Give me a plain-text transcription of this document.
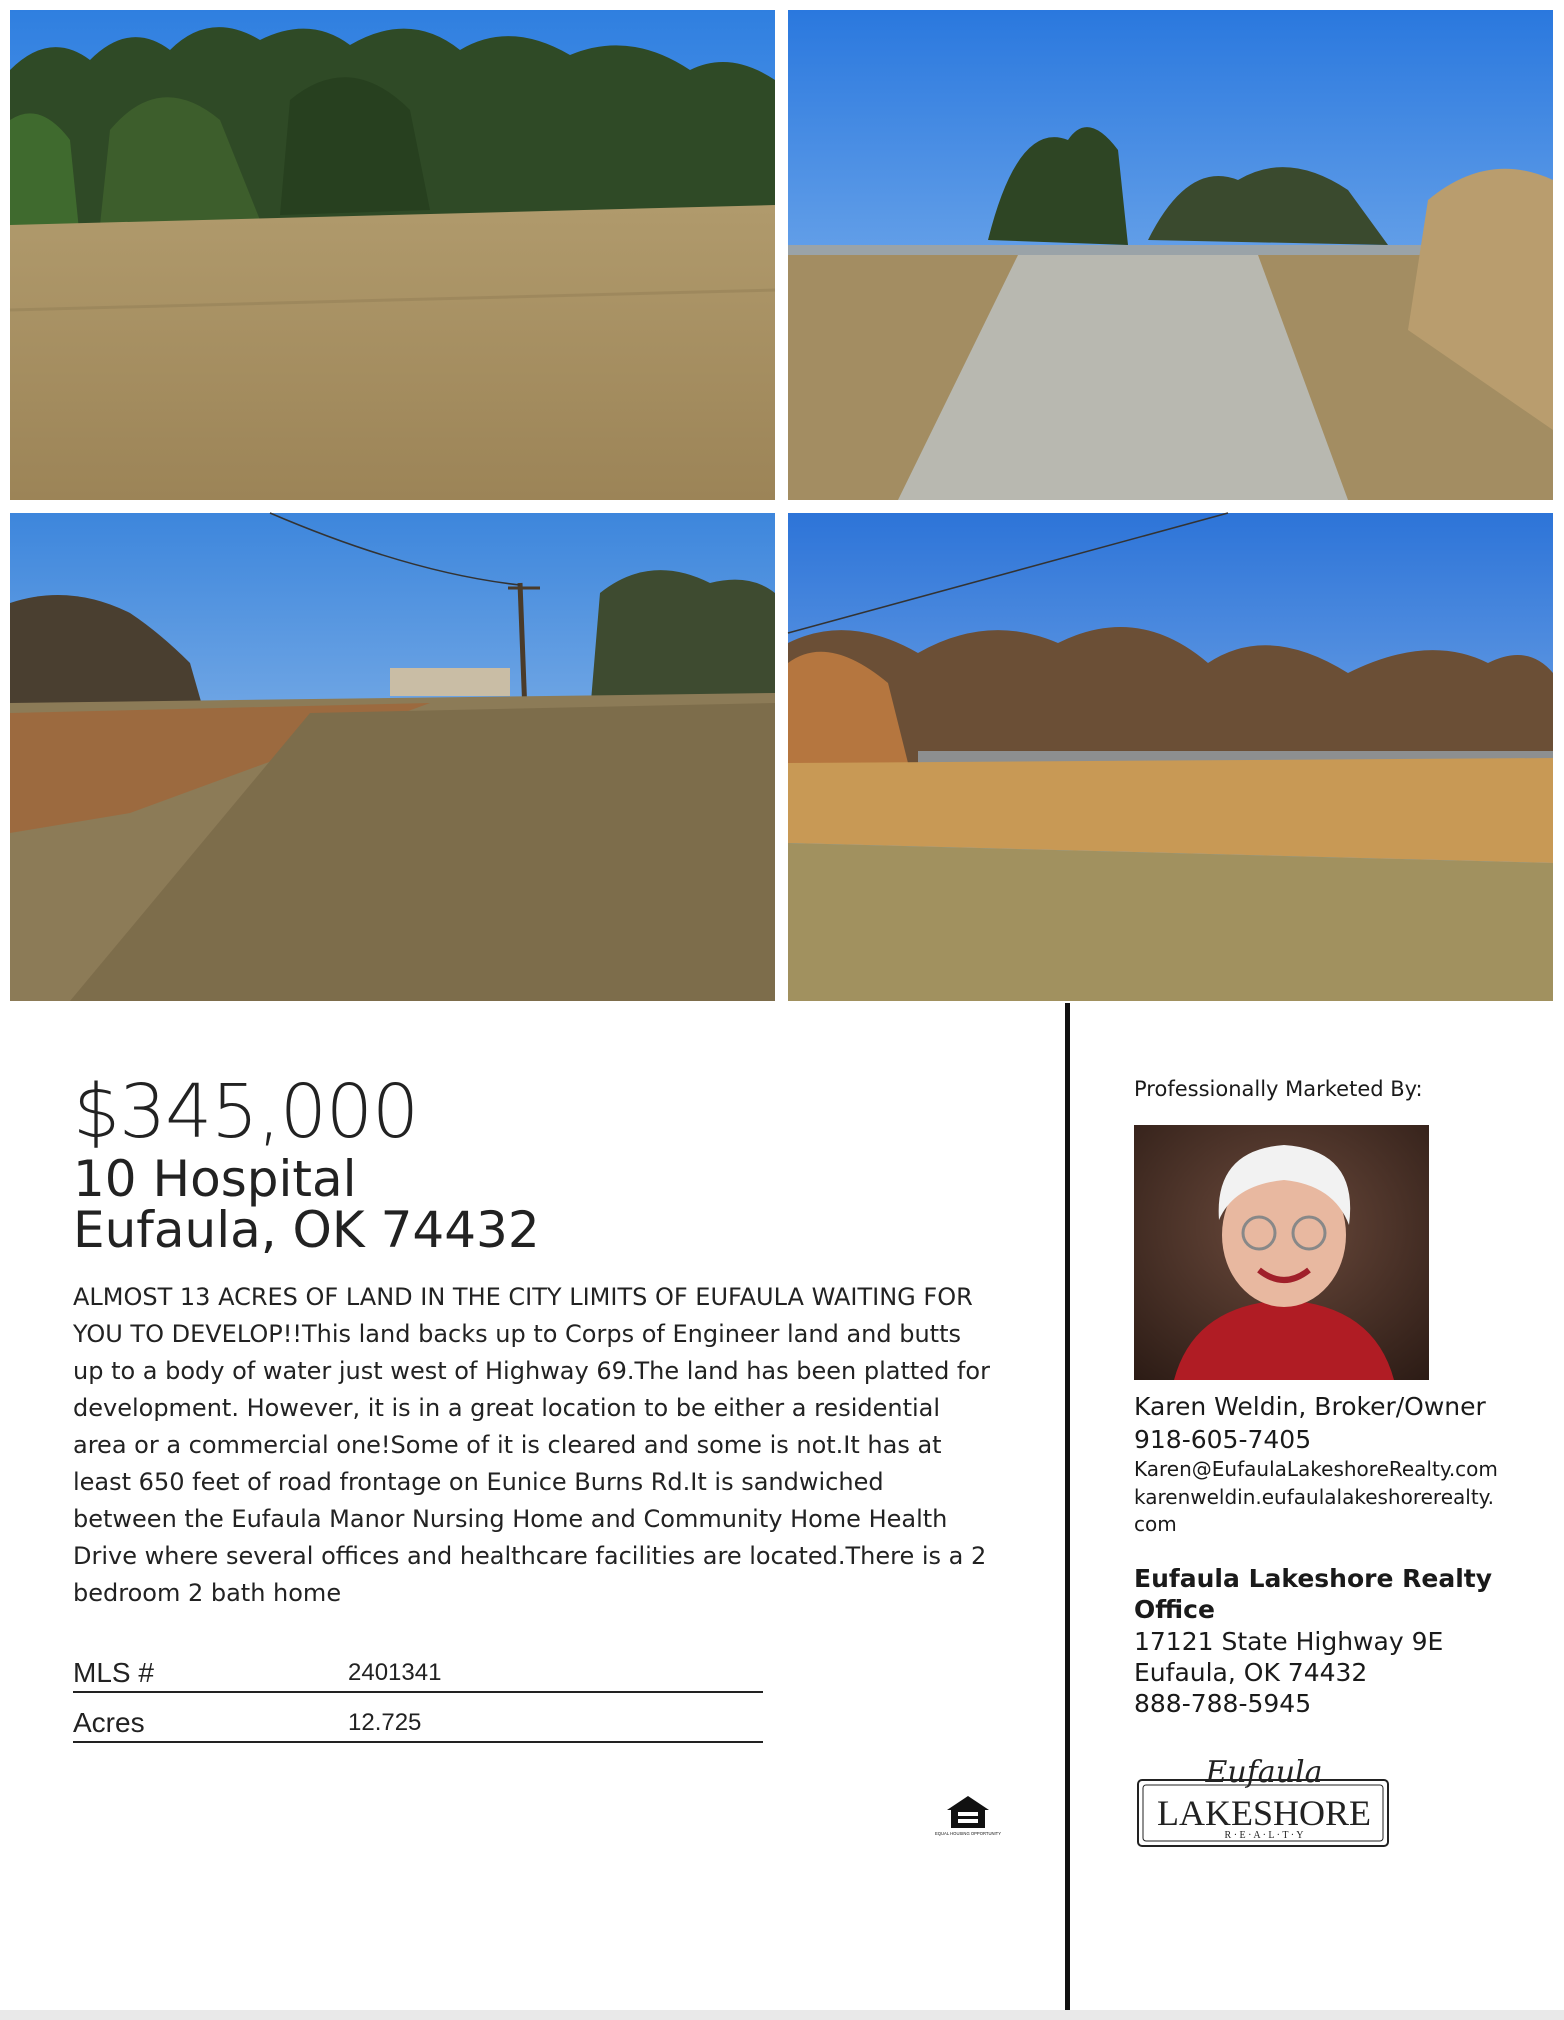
$345,000
10 Hospital
Eufaula, OK 74432
ALMOST 13 ACRES OF LAND IN THE CITY LIMITS OF EUFAULA WAITING FOR YOU TO DEVELOP!!This land backs up to Corps of Engineer land and butts up to a body of water just west of Highway 69.The land has been platted for development. However, it is in a great location to be either a residential area or a commercial one!Some of it is cleared and some is not.It has at least 650 feet of road frontage on Eunice Burns Rd.It is sandwiched between the Eufaula Manor Nursing Home and Community Home Health Drive where several offices and healthcare facilities are located.There is a 2 bedroom 2 bath home
MLS #	2401341
Acres	12.725
EQUAL HOUSING OPPORTUNITY
Professionally Marketed By:
Karen Weldin, Broker/Owner
918-605-7405
Karen@EufaulaLakeshoreRealty.com
karenweldin.eufaulalakeshorerealty.
com
Eufaula Lakeshore Realty
Office
17121 State Highway 9E
Eufaula, OK 74432
888-788-5945
Eufaula
LAKESHORE
R · E · A · L · T · Y
